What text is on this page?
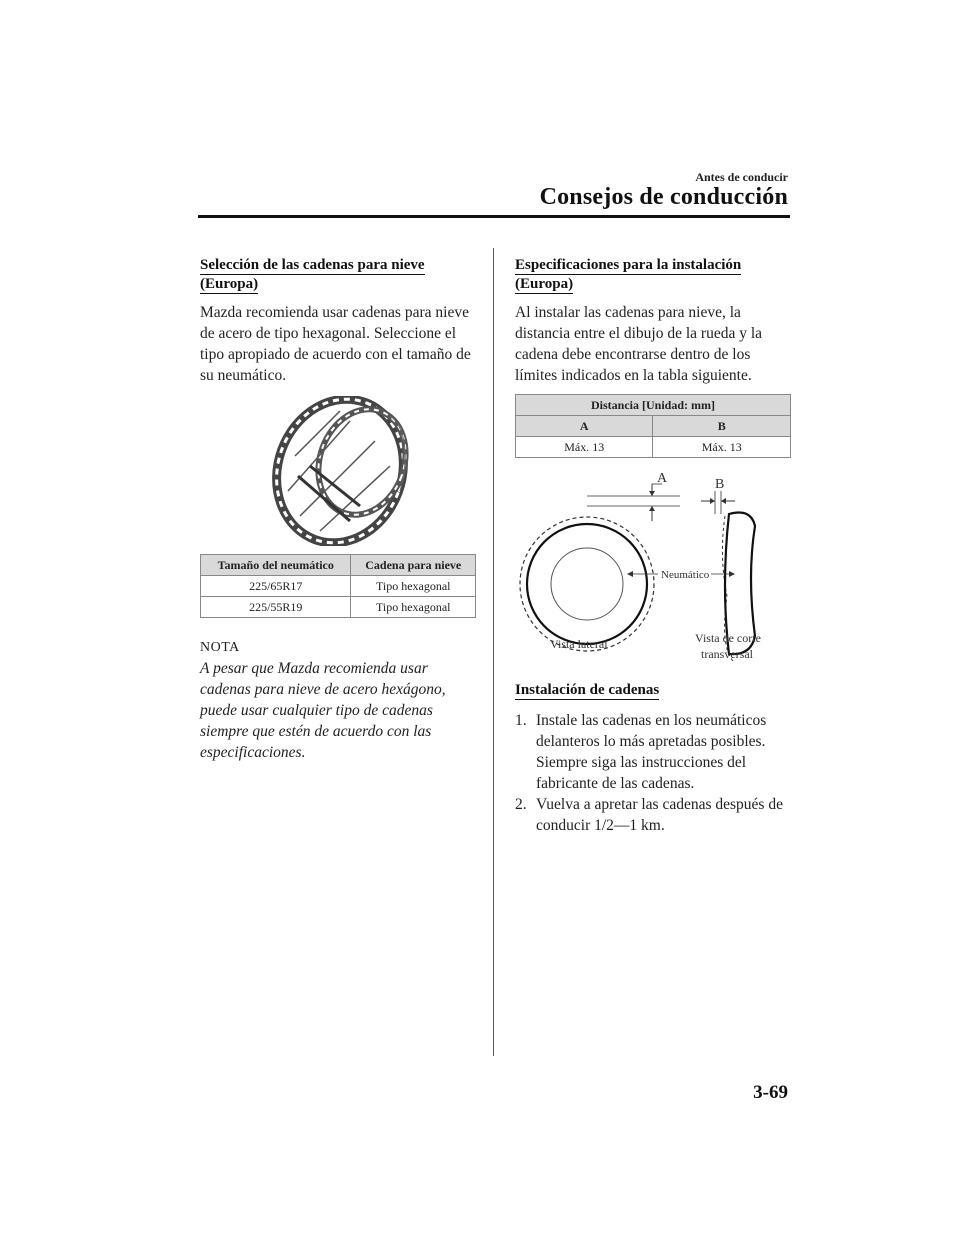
Antes de conducir
Consejos de conducción

Selección de las cadenas para nieve
(Europa)

Mazda recomienda usar cadenas para nieve de acero de tipo hexagonal. Seleccione el tipo apropiado de acuerdo con el tamaño de su neumático.

Tamaño del neumático	Cadena para nieve
225/65R17	Tipo hexagonal
225/55R19	Tipo hexagonal
NOTA
A pesar que Mazda recomienda usar cadenas para nieve de acero hexágono, puede usar cualquier tipo de cadenas siempre que estén de acuerdo con las especificaciones.

Especificaciones para la instalación
(Europa)

Al instalar las cadenas para nieve, la distancia entre el dibujo de la rueda y la cadena debe encontrarse dentro de los límites indicados en la tabla siguiente.

Distancia [Unidad: mm]	
A	B
Máx. 13	Máx. 13
A	B
Neumático
Vista lateral	Vista de corte
transversal

Instalación de cadenas

1. Instale las cadenas en los neumáticos delanteros lo más apretadas posibles. Siempre siga las instrucciones del fabricante de las cadenas.
2. Vuelva a apretar las cadenas después de conducir 1/2―1 km.
3-69
